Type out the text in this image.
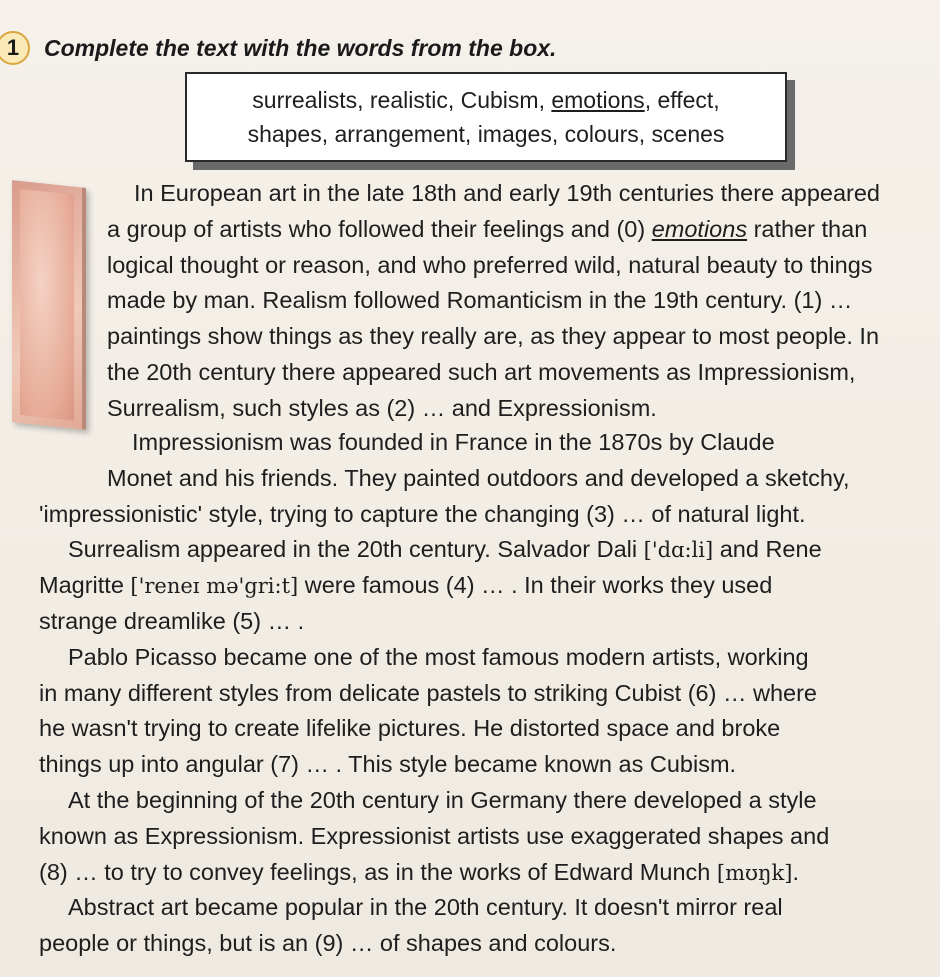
1	Complete the text with the words from the box.
surrealists, realistic, Cubism, emotions, effect,
shapes, arrangement, images, colours, scenes
In European art in the late 18th and early 19th centuries there appeared
a group of artists who followed their feelings and (0) emotions rather than
logical thought or reason, and who preferred wild, natural beauty to things
made by man. Realism followed Romanticism in the 19th century. (1) …
paintings show things as they really are, as they appear to most people. In
the 20th century there appeared such art movements as Impressionism,
Surrealism, such styles as (2) … and Expressionism.
Impressionism was founded in France in the 1870s by Claude
Monet and his friends. They painted outdoors and developed a sketchy,
'impressionistic' style, trying to capture the changing (3) … of natural light.
Surrealism appeared in the 20th century. Salvador Dali ['dɑ:li] and Rene
Magritte ['reneɪ mə'gri:t] were famous (4) … . In their works they used
strange dreamlike (5) … .
Pablo Picasso became one of the most famous modern artists, working
in many different styles from delicate pastels to striking Cubist (6) … where
he wasn't trying to create lifelike pictures. He distorted space and broke
things up into angular (7) … . This style became known as Cubism.
At the beginning of the 20th century in Germany there developed a style
known as Expressionism. Expressionist artists use exaggerated shapes and
(8) … to try to convey feelings, as in the works of Edward Munch [mʊŋk].
Abstract art became popular in the 20th century. It doesn't mirror real
people or things, but is an (9) … of shapes and colours.
